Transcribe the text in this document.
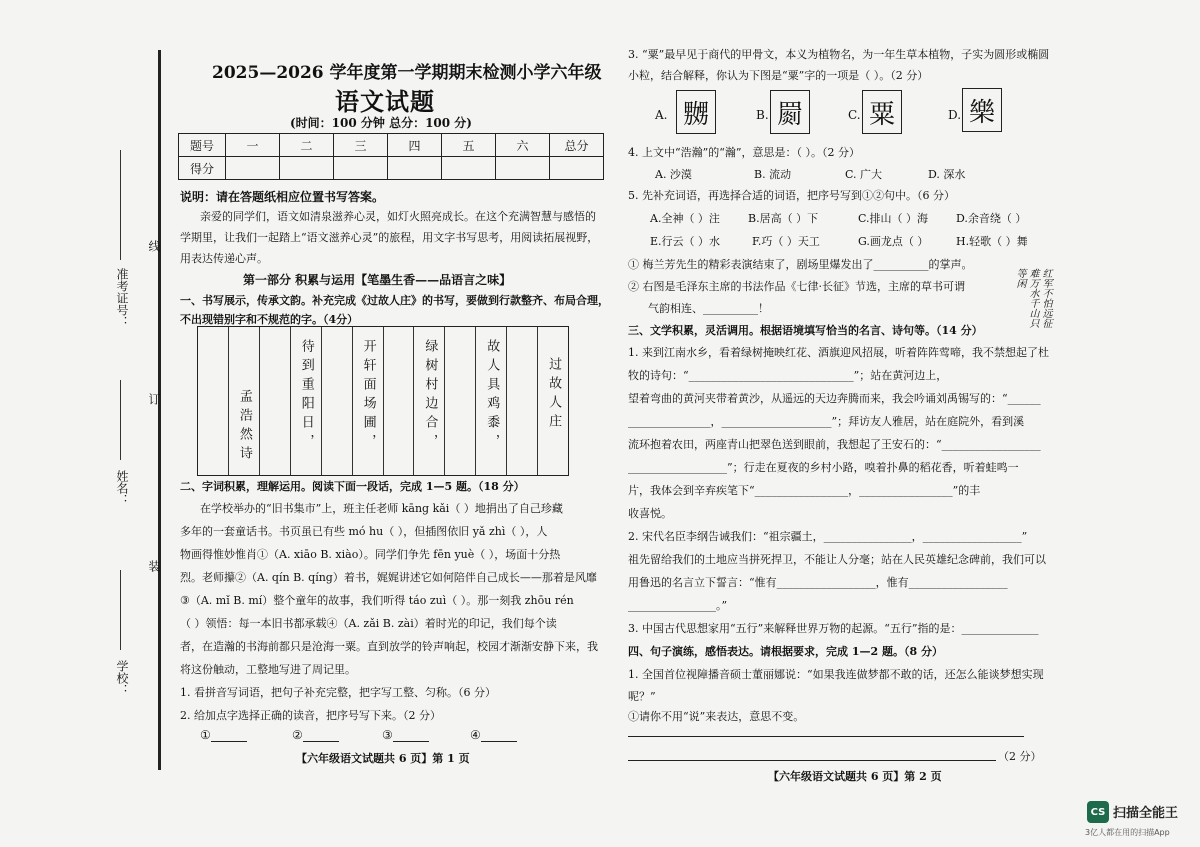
准考证号：
姓名：
学校：
线
订
装
2025—2026 学年度第一学期期末检测小学六年级
语文试题
(时间：100 分钟 总分：100 分)
题号	一	二	三	四	五	六	总分
得分							
说明：请在答题纸相应位置书写答案。
亲爱的同学们，语文如清泉滋养心灵，如灯火照亮成长。在这个充满智慧与感悟的
学期里，让我们一起踏上“语文滋养心灵”的旅程，用文字书写思考，用阅读拓展视野，
用表达传递心声。
第一部分 积累与运用【笔墨生香——品语言之味】
一、书写展示，传承文韵。补充完成《过故人庄》的书写，要做到行款整齐、布局合理，
不出现错别字和不规范的字。（4分）
孟浩然诗	待到重阳日，	开轩面场圃，	绿树村边合，	故人具鸡黍，	过故人庄
二、字词积累，理解运用。阅读下面一段话，完成 1—5 题。（18 分）
在学校举办的“旧书集市”上，班主任老师 kāng kǎi（ ）地捐出了自己珍藏
多年的一套童话书。书页虽已有些 mó hu（ ），但插图依旧 yǎ zhì（ ），人
物画得惟妙惟肖①（A. xiāo B. xiào）。同学们争先 fēn yuè（ ），场面十分热
烈。老师攥②（A. qín B. qíng）着书，娓娓讲述它如何陪伴自己成长——那着是风靡
③（A. mǐ B. mí）整个童年的故事，我们听得 táo zuì（ ）。那一刻我 zhōu rén
（ ）领悟：每一本旧书都承载④（A. zǎi B. zài）着时光的印记，我们每个读
者，在造瀚的书海前都只是沧海一粟。直到放学的铃声响起，校园才渐渐安静下来，我
将这份触动，工整地写进了周记里。
1. 看拼音写词语，把句子补充完整，把字写工整、匀称。（6 分）
2. 给加点字选择正确的读音，把序号写下来。（2 分）
①	②	③	④
【六年级语文试题共 6 页】第 1 页
3. “粟”最早见于商代的甲骨文，本义为植物名，为一年生草本植物，子实为圆形或椭圆
小粒，结合解释，你认为下图是“粟”字的一项是（ ）。（2 分）
A. 嬲	B. 罽	C. 粟	D. 樂
4. 上文中“浩瀚”的“瀚”，意思是：（ ）。（2 分）
A. 沙漠	B. 流动	C. 广大	D. 深水
5. 先补充词语，再选择合适的词语，把序号写到①②句中。（6 分）
A.全神（ ）注	B.居高（ ）下	C.排山（ ）海	D.余音绕（ ）
E.行云（ ）水	F.巧（ ）天工	G.画龙点（ ）	H.轻歌（ ）舞
① 梅兰芳先生的精彩表演结束了，剧场里爆发出了__________的掌声。
② 右图是毛泽东主席的书法作品《七律·长征》节选，主席的草书可谓
气韵相连、__________！	红军不怕远征难万水千山只等闲
三、文学积累，灵活调用。根据语境填写恰当的名言、诗句等。（14 分）
1. 来到江南水乡，看着绿树掩映红花、酒旗迎风招展，听着阵阵莺啼，我不禁想起了杜
牧的诗句：“______________________________”；站在黄河边上，
望着弯曲的黄河夹带着黄沙，从遥远的天边奔腾而来，我会吟诵刘禹锡写的：“______
_______________，____________________”；拜访友人雅居，站在庭院外，看到溪
流环抱着农田，两座青山把翠色送到眼前，我想起了王安石的：“__________________
__________________”；行走在夏夜的乡村小路，嗅着扑鼻的稻花香，听着蛙鸣一
片，我体会到辛弃疾笔下“_________________，_________________”的丰
收喜悦。
2. 宋代名臣李纲告诫我们：“祖宗疆土，________________，__________________”
祖先留给我们的土地应当拼死捍卫，不能让人分毫；站在人民英雄纪念碑前，我们可以
用鲁迅的名言立下誓言：“惟有__________________，惟有__________________
________________。”
3. 中国古代思想家用“五行”来解释世界万物的起源。“五行”指的是：______________
四、句子演练，感悟表达。请根据要求，完成 1—2 题。（8 分）
1. 全国首位视障播音硕士董丽娜说：“如果我连做梦都不敢的话，还怎么能谈梦想实现
呢？”
①请你不用“说”来表达，意思不变。
（2 分）
【六年级语文试题共 6 页】第 2 页
CS 扫描全能王
3亿人都在用的扫描App
